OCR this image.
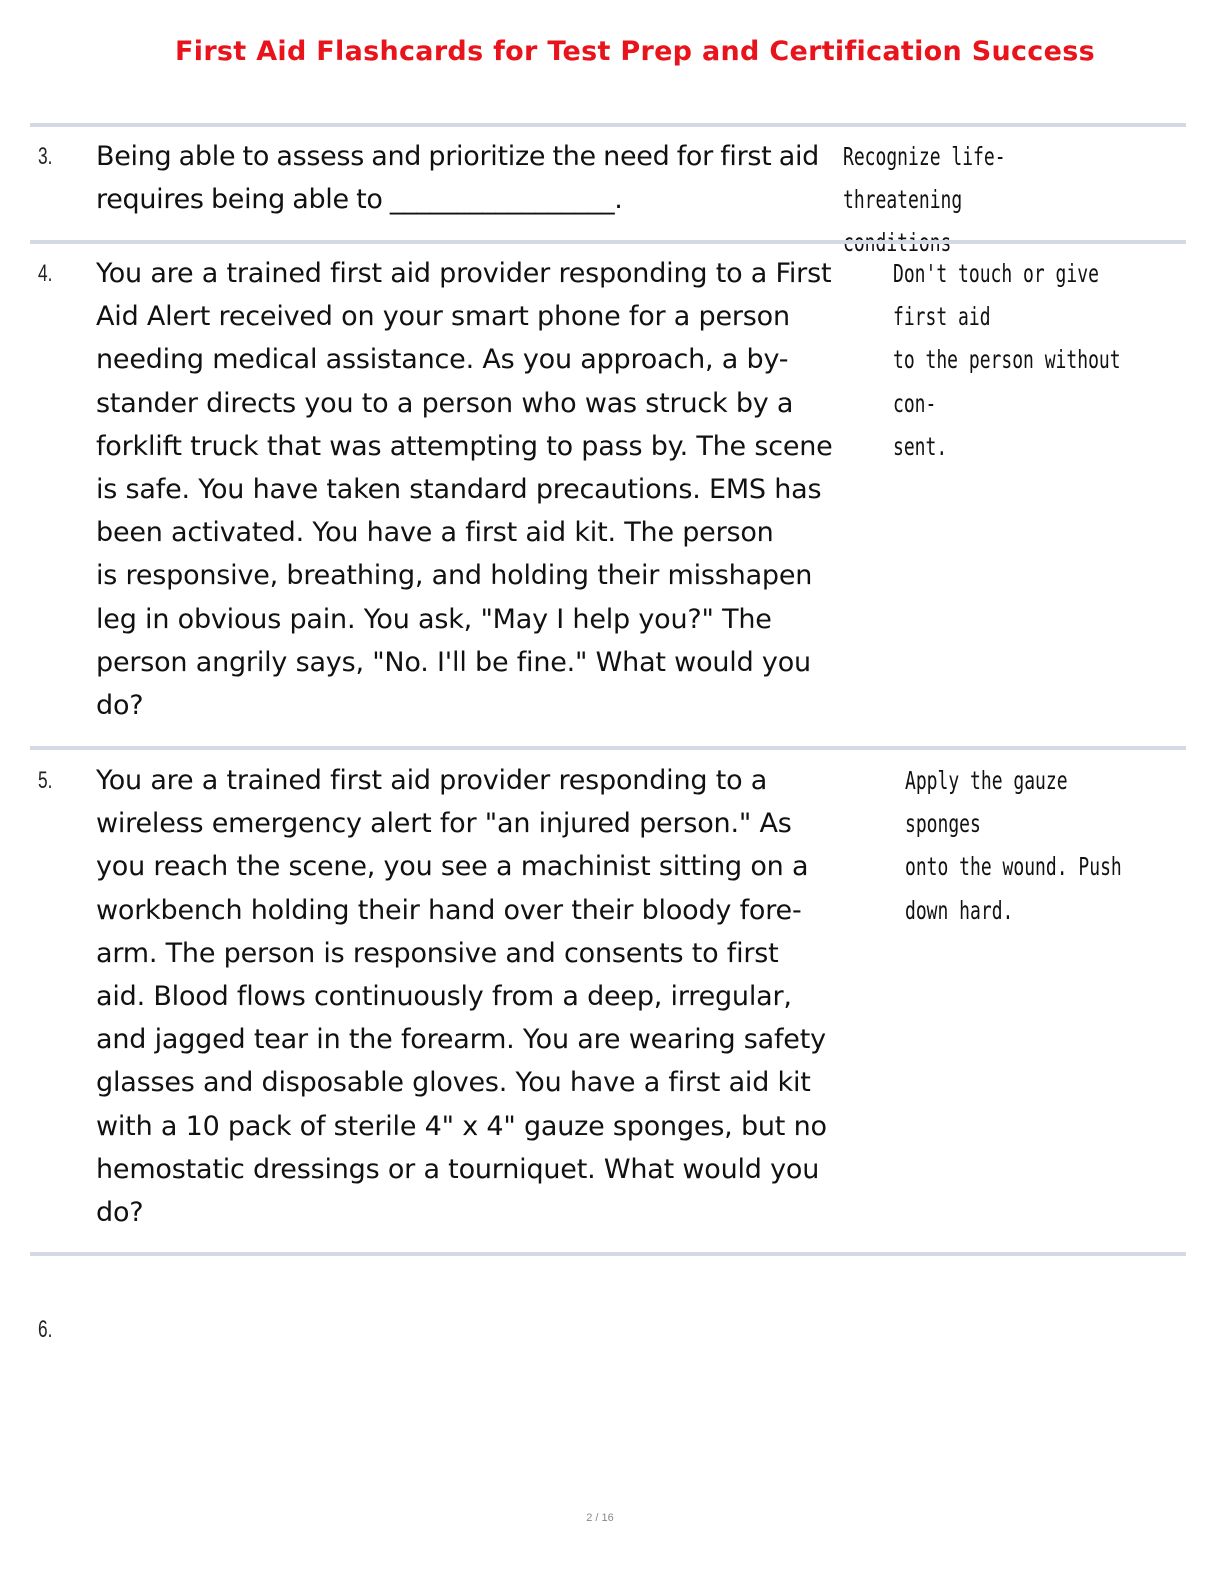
First Aid Flashcards for Test Prep and Certification Success
3. Being able to assess and prioritize the need for first aid
requires being able to _________________.

Recognize life-threatening

4. You are a trained first aid provider responding to a First
Aid Alert received on your smart phone for a person
needing medical assistance. As you approach, a by-
stander directs you to a person who was struck by a
forklift truck that was attempting to pass by. The scene
is safe. You have taken standard precautions. EMS has
been activated. You have a first aid kit. The person
is responsive, breathing, and holding their misshapen
leg in obvious pain. You ask, "May I help you?" The
person angrily says, "No. I'll be fine." What would you
do?

Don't touch or give first aid
to the person without con-
sent.

5. You are a trained first aid provider responding to a
wireless emergency alert for "an injured person." As
you reach the scene, you see a machinist sitting on a
workbench holding their hand over their bloody fore-
arm. The person is responsive and consents to first
aid. Blood flows continuously from a deep, irregular,
and jagged tear in the forearm. You are wearing safety
glasses and disposable gloves. You have a first aid kit
with a 10 pack of sterile 4" x 4" gauze sponges, but no
hemostatic dressings or a tourniquet. What would you
do?

Apply the gauze sponges
onto the wound. Push
down hard.

6.

2 / 16
